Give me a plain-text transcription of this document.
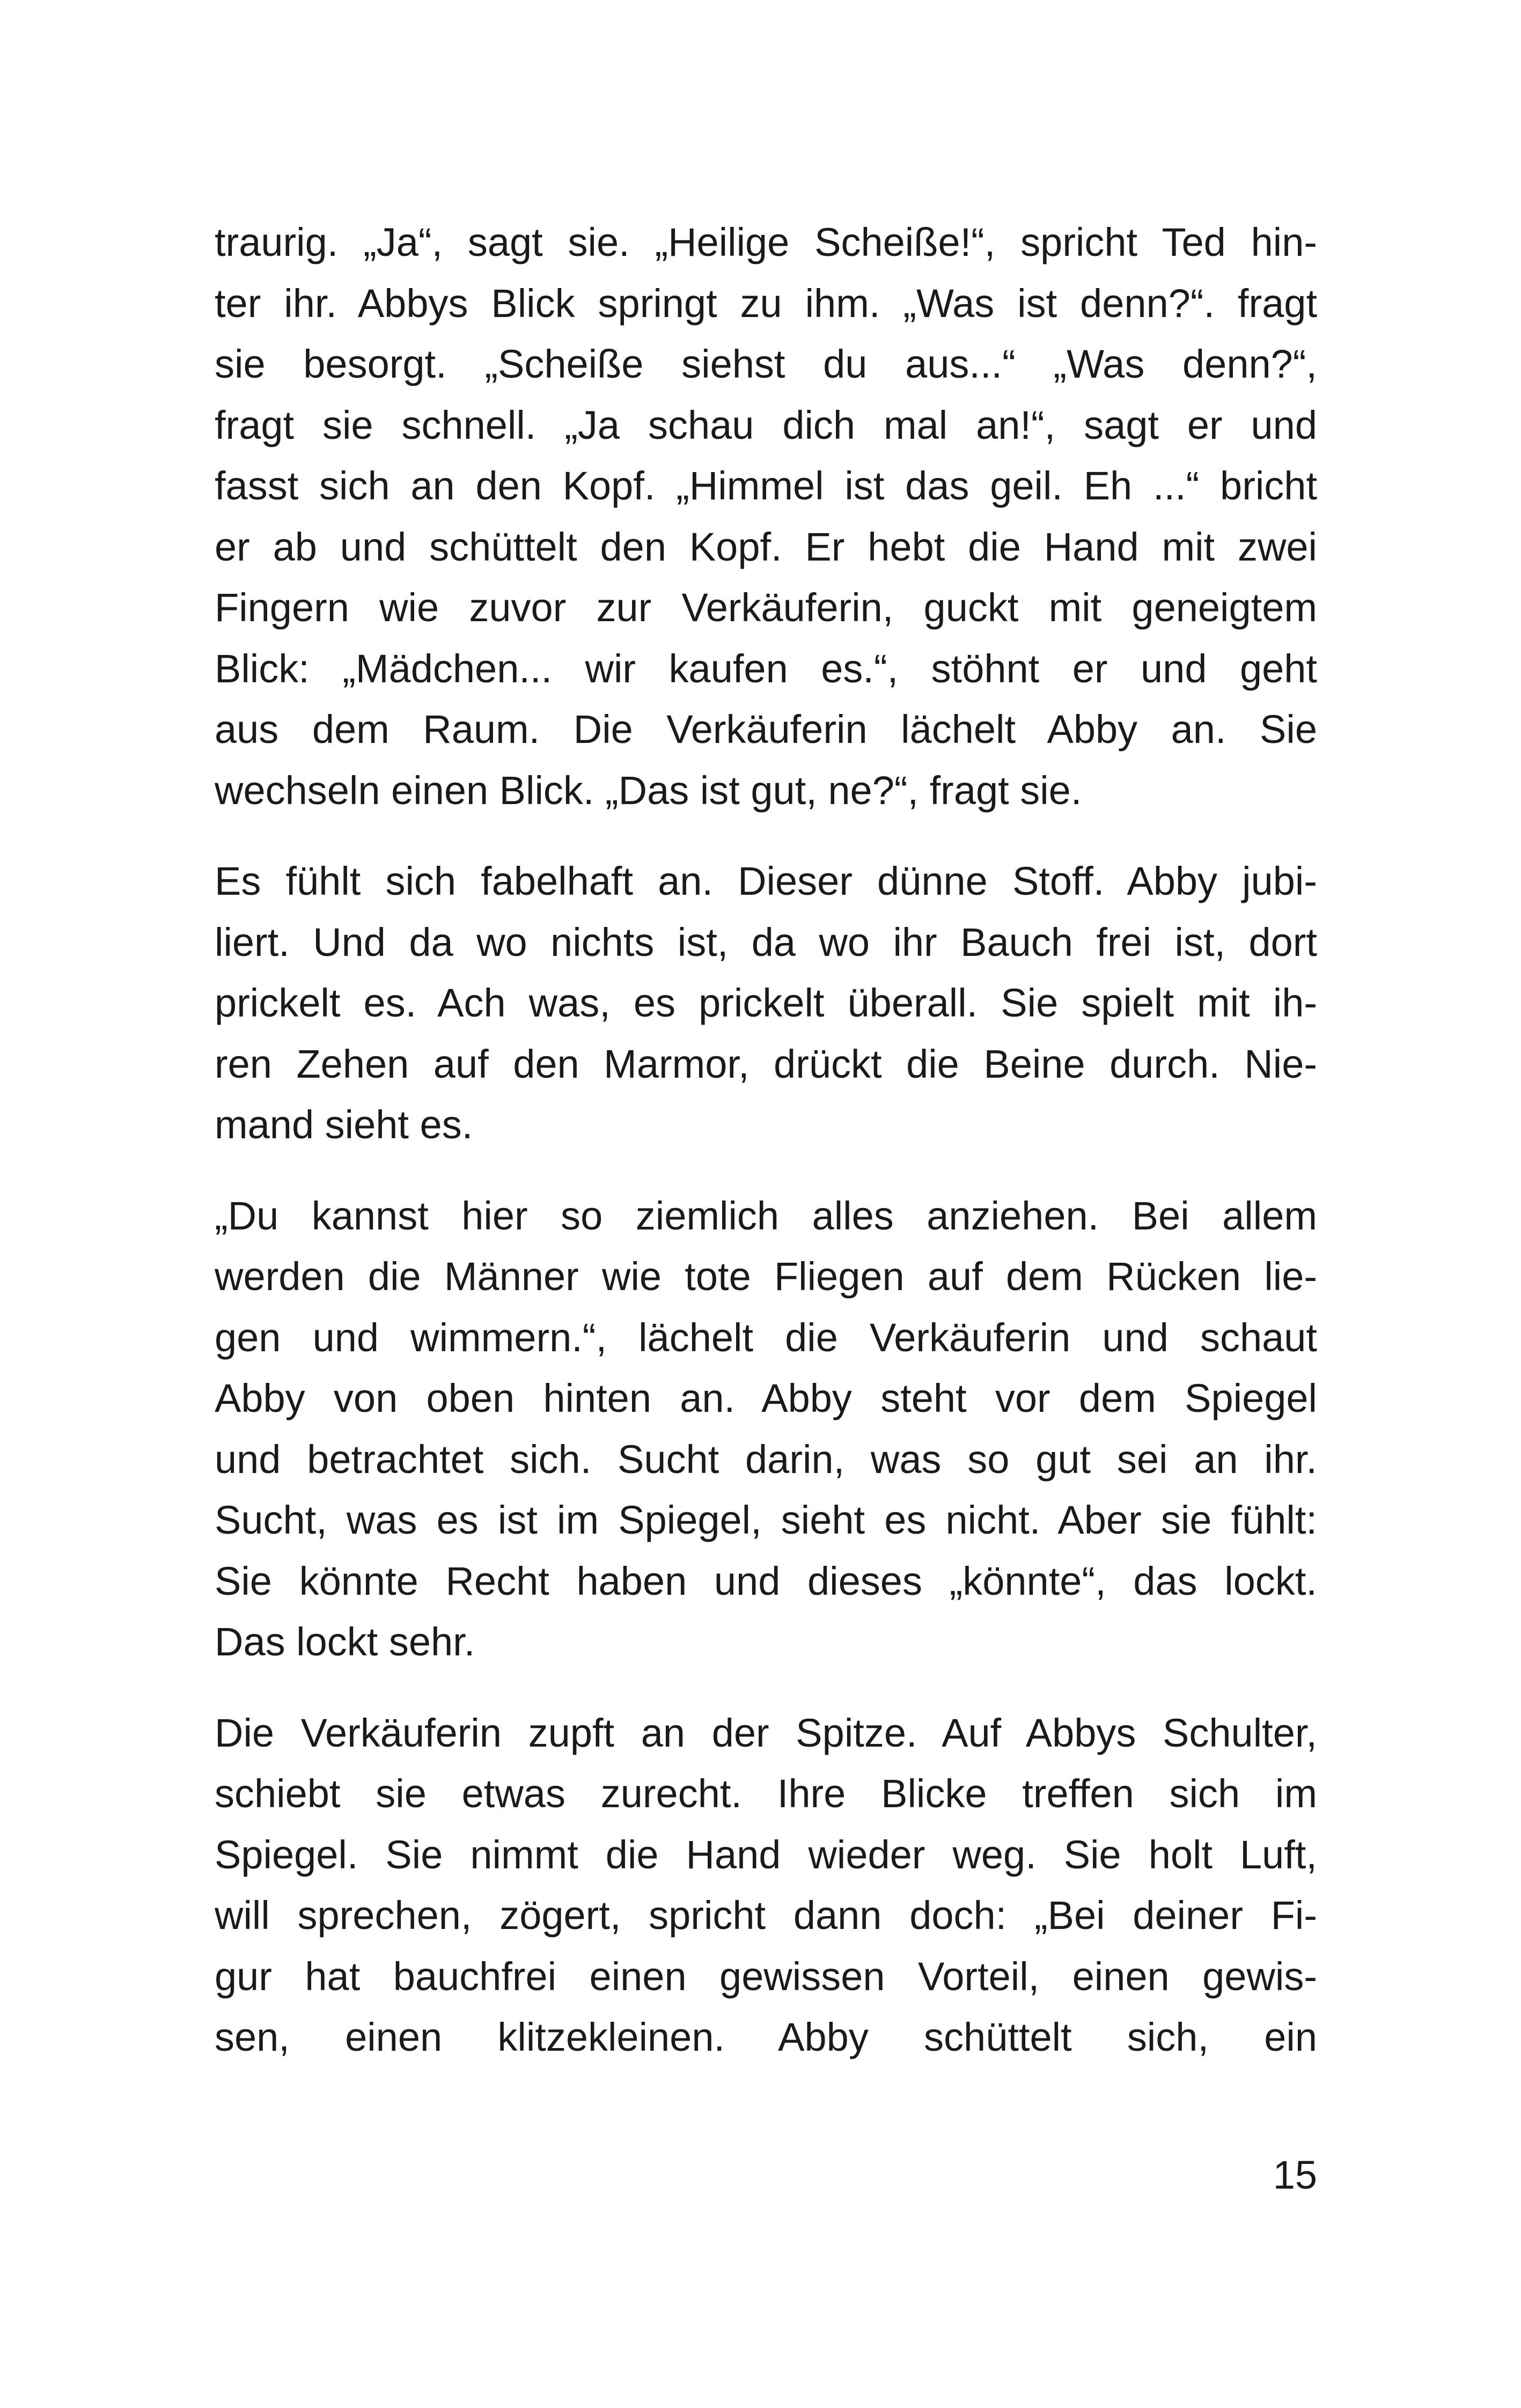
traurig. „Ja“, sagt sie. „Heilige Scheiße!“, spricht Ted hin-
ter ihr. Abbys Blick springt zu ihm. „Was ist denn?“. fragt
sie besorgt. „Scheiße siehst du aus...“ „Was denn?“,
fragt sie schnell. „Ja schau dich mal an!“, sagt er und
fasst sich an den Kopf. „Himmel ist das geil. Eh ...“ bricht
er ab und schüttelt den Kopf. Er hebt die Hand mit zwei
Fingern wie zuvor zur Verkäuferin, guckt mit geneigtem
Blick: „Mädchen... wir kaufen es.“, stöhnt er und geht
aus dem Raum. Die Verkäuferin lächelt Abby an. Sie
wechseln einen Blick. „Das ist gut, ne?“, fragt sie.

Es fühlt sich fabelhaft an. Dieser dünne Stoff. Abby jubi-
liert. Und da wo nichts ist, da wo ihr Bauch frei ist, dort
prickelt es. Ach was, es prickelt überall. Sie spielt mit ih-
ren Zehen auf den Marmor, drückt die Beine durch. Nie-
mand sieht es.

„Du kannst hier so ziemlich alles anziehen. Bei allem
werden die Männer wie tote Fliegen auf dem Rücken lie-
gen und wimmern.“, lächelt die Verkäuferin und schaut
Abby von oben hinten an. Abby steht vor dem Spiegel
und betrachtet sich. Sucht darin, was so gut sei an ihr.
Sucht, was es ist im Spiegel, sieht es nicht. Aber sie fühlt:
Sie könnte Recht haben und dieses „könnte“, das lockt.
Das lockt sehr.

Die Verkäuferin zupft an der Spitze. Auf Abbys Schulter,
schiebt sie etwas zurecht. Ihre Blicke treffen sich im
Spiegel. Sie nimmt die Hand wieder weg. Sie holt Luft,
will sprechen, zögert, spricht dann doch: „Bei deiner Fi-
gur hat bauchfrei einen gewissen Vorteil, einen gewis-
sen, einen klitzekleinen. Abby schüttelt sich, ein

15
